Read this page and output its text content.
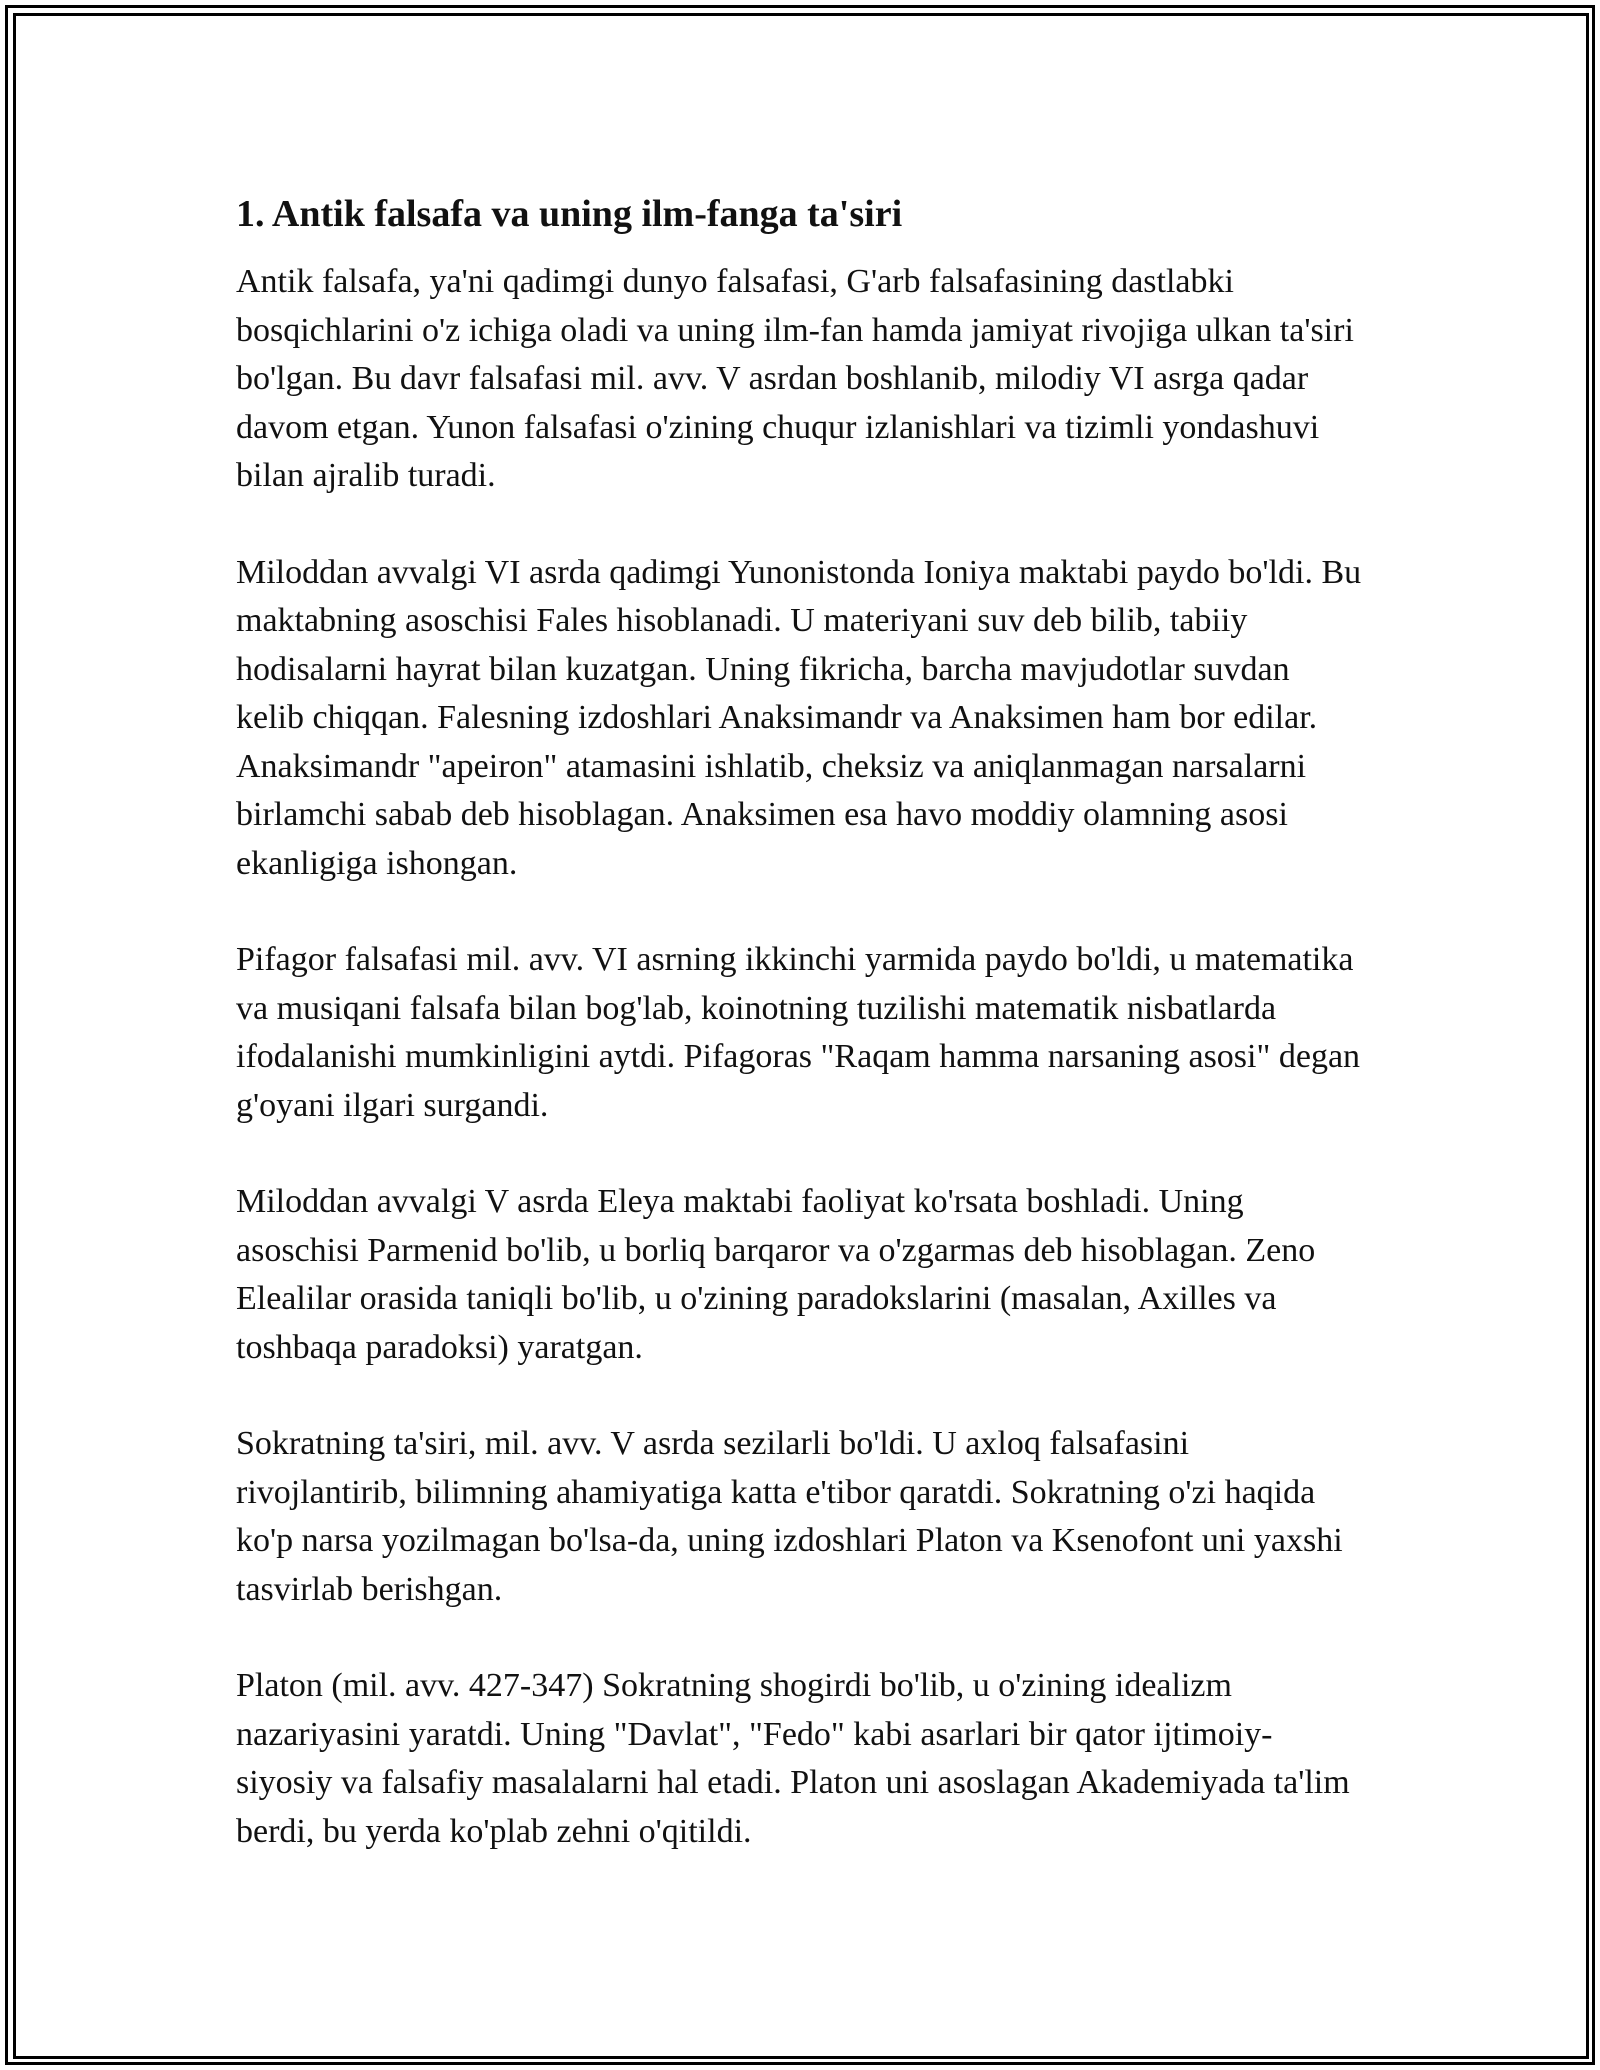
1. Antik falsafa va uning ilm-fanga ta'siri

Antik falsafa, ya'ni qadimgi dunyo falsafasi, G'arb falsafasining dastlabki bosqichlarini o'z ichiga oladi va uning ilm-fan hamda jamiyat rivojiga ulkan ta'siri bo'lgan. Bu davr falsafasi mil. avv. V asrdan boshlanib, milodiy VI asrga qadar davom etgan. Yunon falsafasi o'zining chuqur izlanishlari va tizimli yondashuvi bilan ajralib turadi.

Miloddan avvalgi VI asrda qadimgi Yunonistonda Ioniya maktabi paydo bo'ldi. Bu maktabning asoschisi Fales hisoblanadi. U materiyani suv deb bilib, tabiiy hodisalarni hayrat bilan kuzatgan. Uning fikricha, barcha mavjudotlar suvdan kelib chiqqan. Falesning izdoshlari Anaksimandr va Anaksimen ham bor edilar. Anaksimandr "apeiron" atamasini ishlatib, cheksiz va aniqlanmagan narsalarni birlamchi sabab deb hisoblagan. Anaksimen esa havo moddiy olamning asosi ekanligiga ishongan.

Pifagor falsafasi mil. avv. VI asrning ikkinchi yarmida paydo bo'ldi, u matematika va musiqani falsafa bilan bog'lab, koinotning tuzilishi matematik nisbatlarda ifodalanishi mumkinligini aytdi. Pifagoras "Raqam hamma narsaning asosi" degan g'oyani ilgari surgandi.

Miloddan avvalgi V asrda Eleya maktabi faoliyat ko'rsata boshladi. Uning asoschisi Parmenid bo'lib, u borliq barqaror va o'zgarmas deb hisoblagan. Zeno Elealilar orasida taniqli bo'lib, u o'zining paradokslarini (masalan, Axilles va toshbaqa paradoksi) yaratgan.

Sokratning ta'siri, mil. avv. V asrda sezilarli bo'ldi. U axloq falsafasini rivojlantirib, bilimning ahamiyatiga katta e'tibor qaratdi. Sokratning o'zi haqida ko'p narsa yozilmagan bo'lsa-da, uning izdoshlari Platon va Ksenofont uni yaxshi tasvirlab berishgan.

Platon (mil. avv. 427-347) Sokratning shogirdi bo'lib, u o'zining idealizm nazariyasini yaratdi. Uning "Davlat", "Fedo" kabi asarlari bir qator ijtimoiy-siyosiy va falsafiy masalalarni hal etadi. Platon uni asoslagan Akademiyada ta'lim berdi, bu yerda ko'plab zehni o'qitildi.
